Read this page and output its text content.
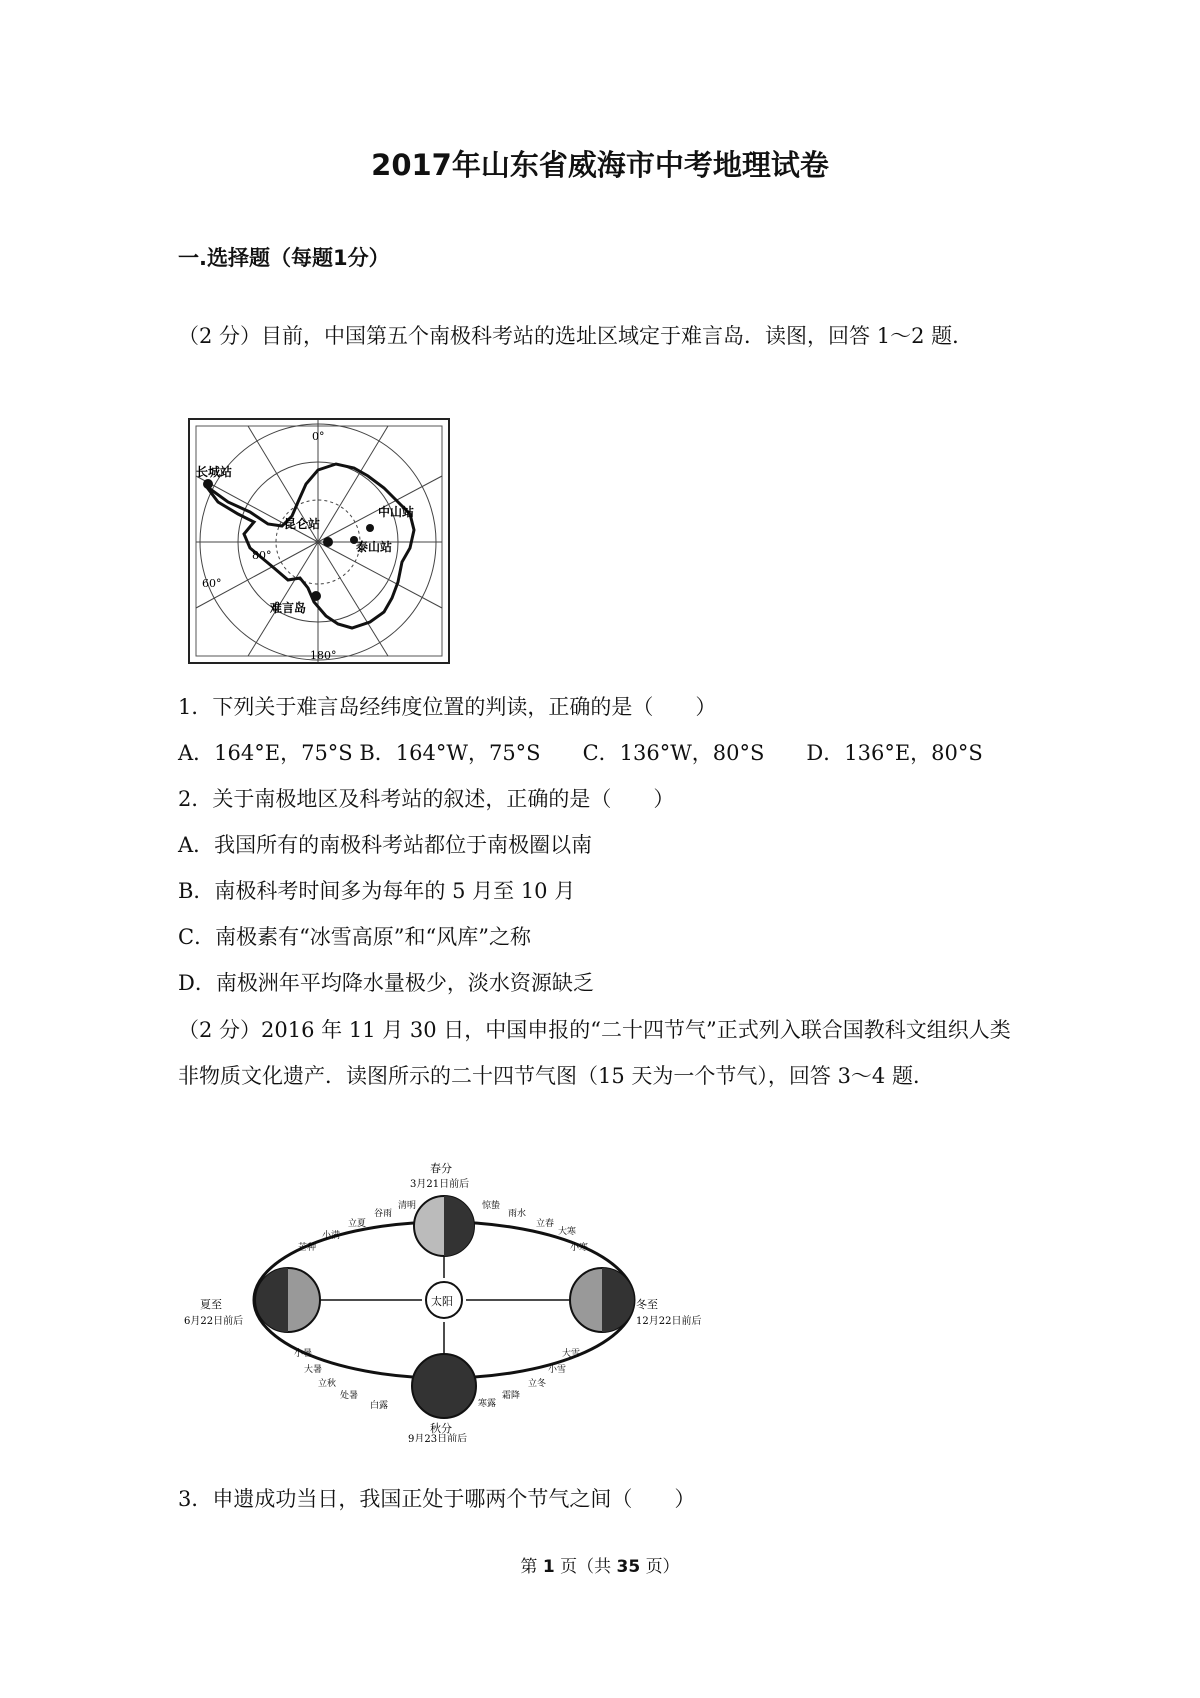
2017年山东省威海市中考地理试卷
一.选择题（每题1分）

（2 分）目前，中国第五个南极科考站的选址区域定于难言岛．读图，回答 1～2 题．

0°
180°
80°
60°
长城站
昆仑站
中山站
泰山站
难言岛

1．下列关于难言岛经纬度位置的判读，正确的是（　　）

A．164°E，75°S B．164°W，75°S　　C．136°W，80°S　　D．136°E，80°S

2．关于南极地区及科考站的叙述，正确的是（　　）

A．我国所有的南极科考站都位于南极圈以南

B．南极科考时间多为每年的 5 月至 10 月

C．南极素有“冰雪高原”和“风库”之称

D．南极洲年平均降水量极少，淡水资源缺乏

（2 分）2016 年 11 月 30 日，中国申报的“二十四节气”正式列入联合国教科文组织人类非物质文化遗产．读图所示的二十四节气图（15 天为一个节气），回答 3～4 题．

太阳
春分
3月21日前后
夏至
6月22日前后
冬至
12月22日前后
秋分
9月23日前后
谷雨
清明
立夏
小满
芒种
惊蛰
雨水
立春
大寒
小寒
小暑
大暑
立秋
处暑
白露
大雪
小雪
立冬
霜降
寒露

3．申遗成功当日，我国正处于哪两个节气之间（　　）

第 1 页（共 35 页）
